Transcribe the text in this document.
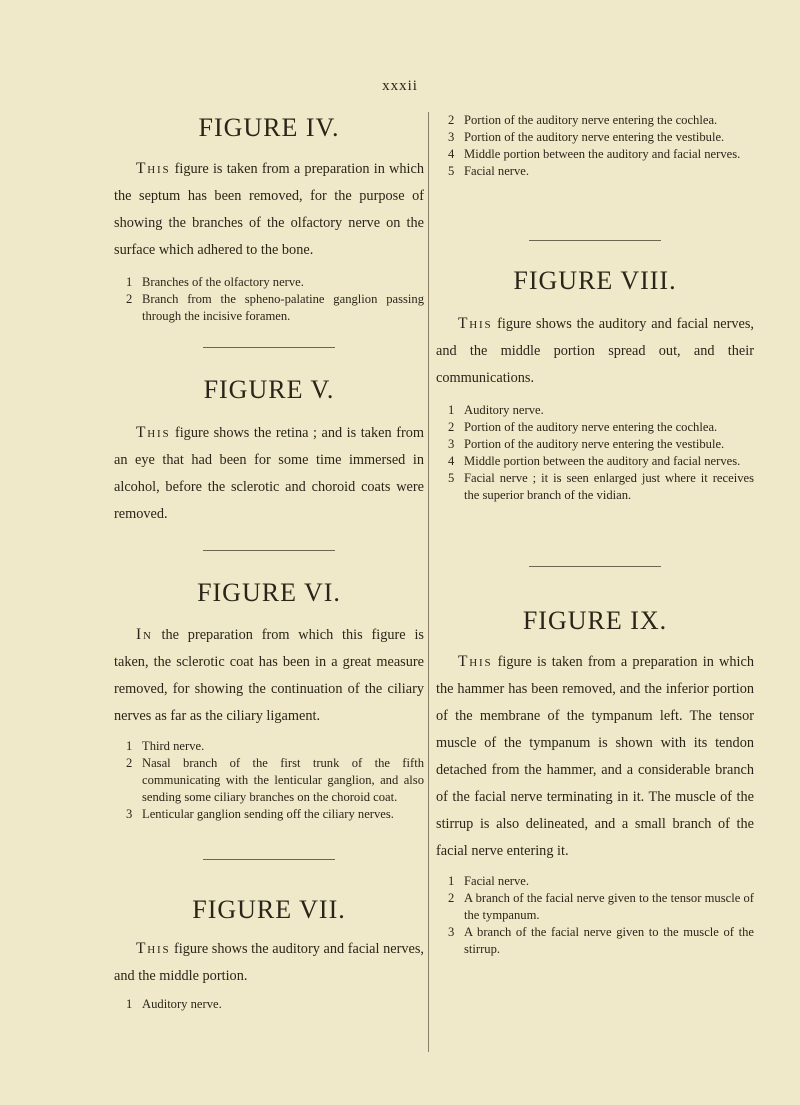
xxxii
FIGURE IV.

This figure is taken from a preparation in which the septum has been removed, for the purpose of showing the branches of the olfactory nerve on the surface which adhered to the bone.

1 Branches of the olfactory nerve.
2 Branch from the spheno-palatine ganglion passing through the incisive foramen.
FIGURE V.

This figure shows the retina ; and is taken from an eye that had been for some time immersed in alcohol, before the sclerotic and choroid coats were removed.

FIGURE VI.

In the preparation from which this figure is taken, the sclerotic coat has been in a great measure removed, for showing the continuation of the ciliary nerves as far as the ciliary ligament.

1 Third nerve.
2 Nasal branch of the first trunk of the fifth communicating with the lenticular ganglion, and also sending some ciliary branches on the choroid coat.
3 Lenticular ganglion sending off the ciliary nerves.
FIGURE VII.

This figure shows the auditory and facial nerves, and the middle portion.

1 Auditory nerve.
2 Portion of the auditory nerve entering the cochlea.
3 Portion of the auditory nerve entering the vestibule.
4 Middle portion between the auditory and facial nerves.
5 Facial nerve.
FIGURE VIII.

This figure shows the auditory and facial nerves, and the middle portion spread out, and their communications.

1 Auditory nerve.
2 Portion of the auditory nerve entering the cochlea.
3 Portion of the auditory nerve entering the vestibule.
4 Middle portion between the auditory and facial nerves.
5 Facial nerve ; it is seen enlarged just where it receives the superior branch of the vidian.
FIGURE IX.

This figure is taken from a preparation in which the hammer has been removed, and the inferior portion of the membrane of the tympanum left. The tensor muscle of the tympanum is shown with its tendon detached from the hammer, and a considerable branch of the facial nerve terminating in it. The muscle of the stirrup is also delineated, and a small branch of the facial nerve entering it.

1 Facial nerve.
2 A branch of the facial nerve given to the tensor muscle of the tympanum.
3 A branch of the facial nerve given to the muscle of the stirrup.
